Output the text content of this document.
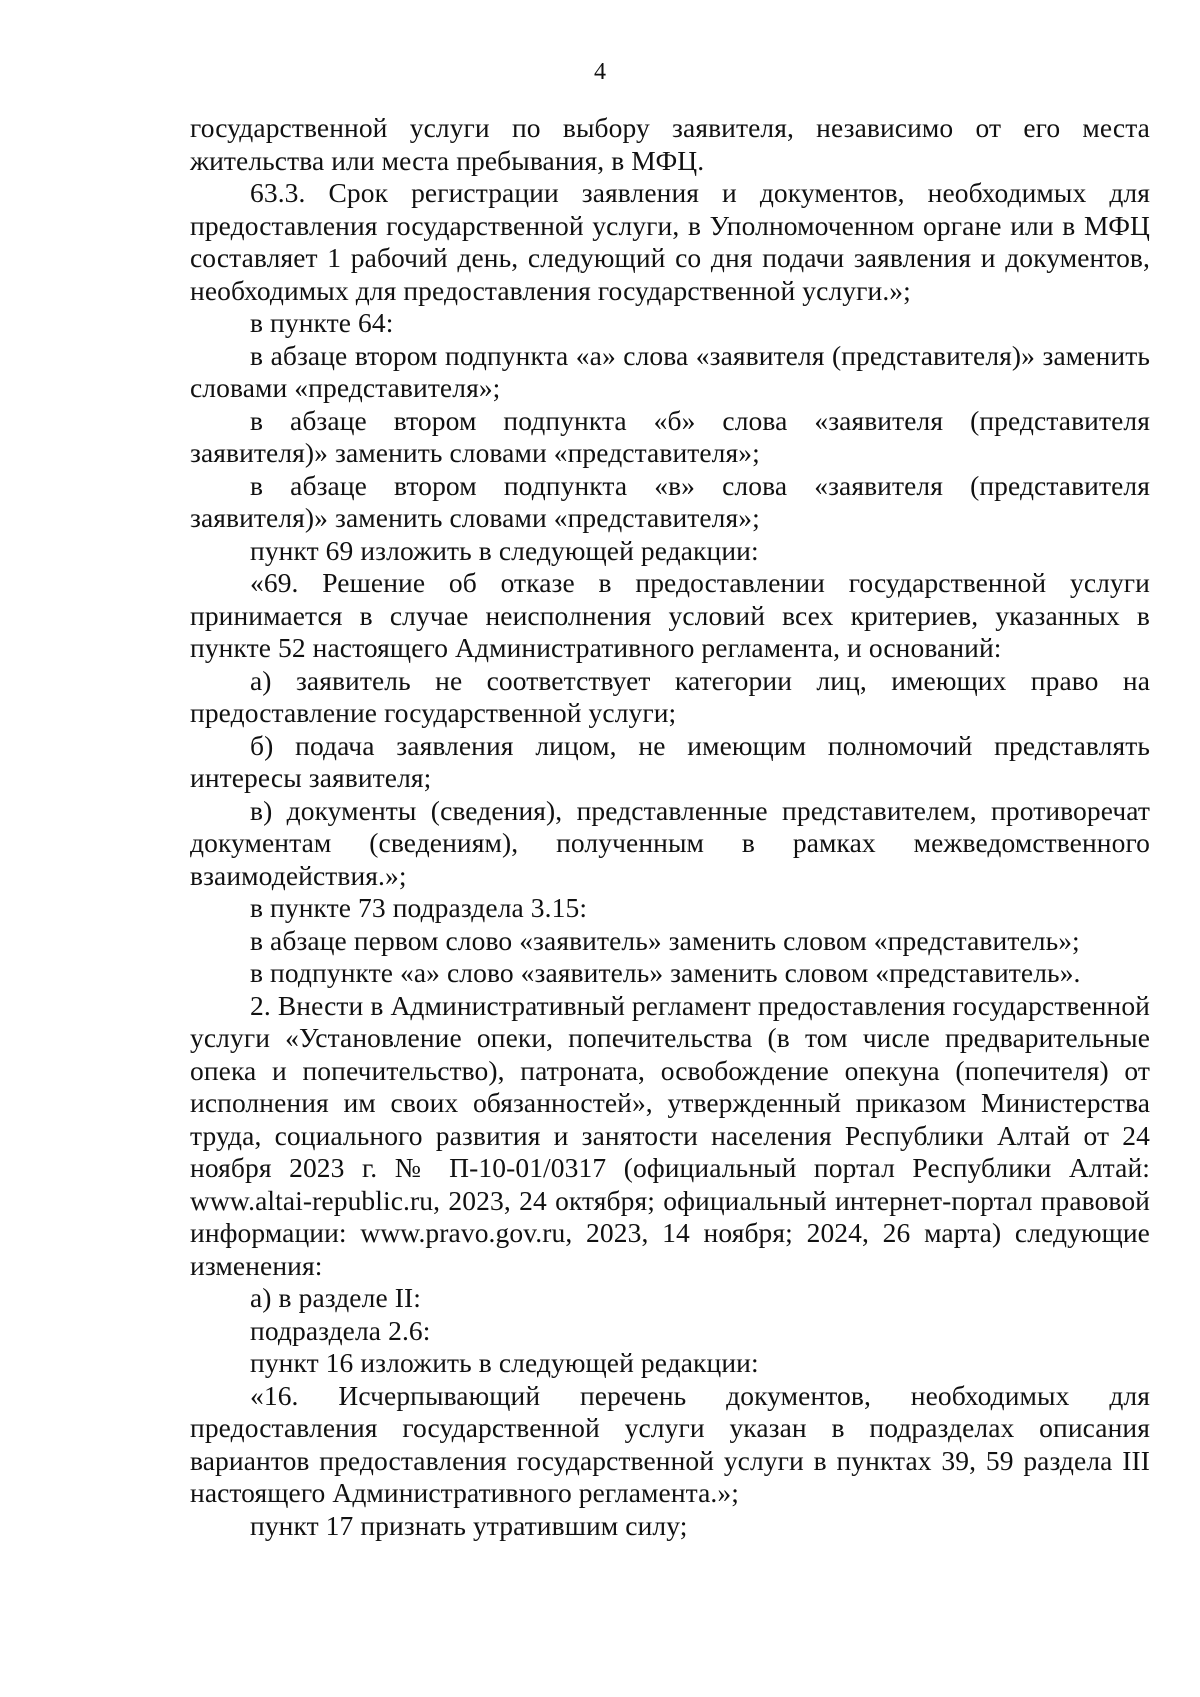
4

государственной услуги по выбору заявителя, независимо от его места жительства или места пребывания, в МФЦ.

63.3. Срок регистрации заявления и документов, необходимых для предоставления государственной услуги, в Уполномоченном органе или в МФЦ составляет 1 рабочий день, следующий со дня подачи заявления и документов, необходимых для предоставления государственной услуги.»;

в пункте 64:

в абзаце втором подпункта «а» слова «заявителя (представителя)» заменить словами «представителя»;

в абзаце втором подпункта «б» слова «заявителя (представителя заявителя)» заменить словами «представителя»;

в абзаце втором подпункта «в» слова «заявителя (представителя заявителя)» заменить словами «представителя»;

пункт 69 изложить в следующей редакции:

«69. Решение об отказе в предоставлении государственной услуги принимается в случае неисполнения условий всех критериев, указанных в пункте 52 настоящего Административного регламента, и оснований:

а) заявитель не соответствует категории лиц, имеющих право на предоставление государственной услуги;

б) подача заявления лицом, не имеющим полномочий представлять интересы заявителя;

в) документы (сведения), представленные представителем, противоречат документам (сведениям), полученным в рамках межведомственного взаимодействия.»;

в пункте 73 подраздела 3.15:

в абзаце первом слово «заявитель» заменить словом «представитель»;

в подпункте «а» слово «заявитель» заменить словом «представитель».

2. Внести в Административный регламент предоставления государственной услуги «Установление опеки, попечительства (в том числе предварительные опека и попечительство), патроната, освобождение опекуна (попечителя) от исполнения им своих обязанностей», утвержденный приказом Министерства труда, социального развития и занятости населения Республики Алтай от 24 ноября 2023 г. № П-10-01/0317 (официальный портал Республики Алтай: www.altai-republic.ru, 2023, 24 октября; официальный интернет-портал правовой информации: www.pravo.gov.ru, 2023, 14 ноября; 2024, 26 марта) следующие изменения:

а) в разделе II:

подраздела 2.6:

пункт 16 изложить в следующей редакции:

«16. Исчерпывающий перечень документов, необходимых для предоставления государственной услуги указан в подразделах описания вариантов предоставления государственной услуги в пунктах 39, 59 раздела III настоящего Административного регламента.»;

пункт 17 признать утратившим силу;
